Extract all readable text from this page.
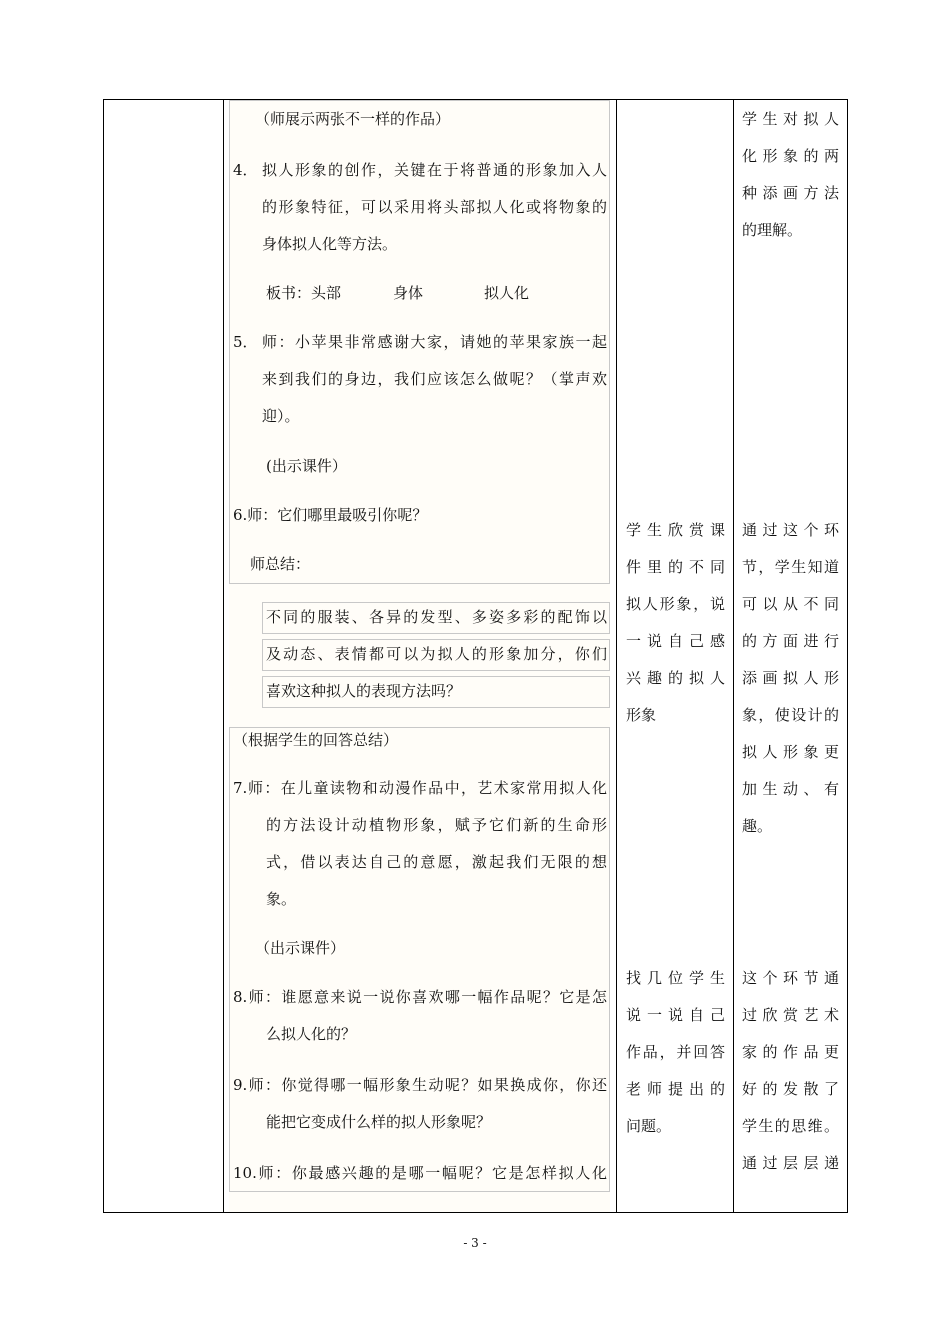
（师展示两张不一样的作品）
4． 拟人形象的创作，关键在于将普通的形象加入人
的形象特征，可以采用将头部拟人化或将物象的
身体拟人化等方法。
板书：头部	身体	拟人化
5． 师：小苹果非常感谢大家，请她的苹果家族一起
来到我们的身边，我们应该怎么做呢？（掌声欢
迎）。
(出示课件）
6.师：它们哪里最吸引你呢？
师总结：
不同的服装、各异的发型、多姿多彩的配饰以
及动态、表情都可以为拟人的形象加分，你们
喜欢这种拟人的表现方法吗？
（根据学生的回答总结）
7. 师：在儿童读物和动漫作品中，艺术家常用拟人化
的方法设计动植物形象，赋予它们新的生命形
式，借以表达自己的意愿，激起我们无限的想
象。
（出示课件）
8.师：谁愿意来说一说你喜欢哪一幅作品呢？它是怎
么拟人化的？
9.师：你觉得哪一幅形象生动呢？如果换成你，你还
能把它变成什么样的拟人形象呢？
10.师：你最感兴趣的是哪一幅呢？它是怎样拟人化
学生欣赏课
件里的不同
拟人形象，说
一说自己感
兴趣的拟人
形象
找几位学生
说一说自己
作品，并回答
老师提出的
问题。
学生对拟人
化形象的两
种添画方法
的理解。
通过这个环
节，学生知道
可以从不同
的方面进行
添画拟人形
象，使设计的
拟人形象更
加生动、有
趣。
这个环节通
过欣赏艺术
家的作品更
好的发散了
学生的思维。
通过层层递
- 3 -
